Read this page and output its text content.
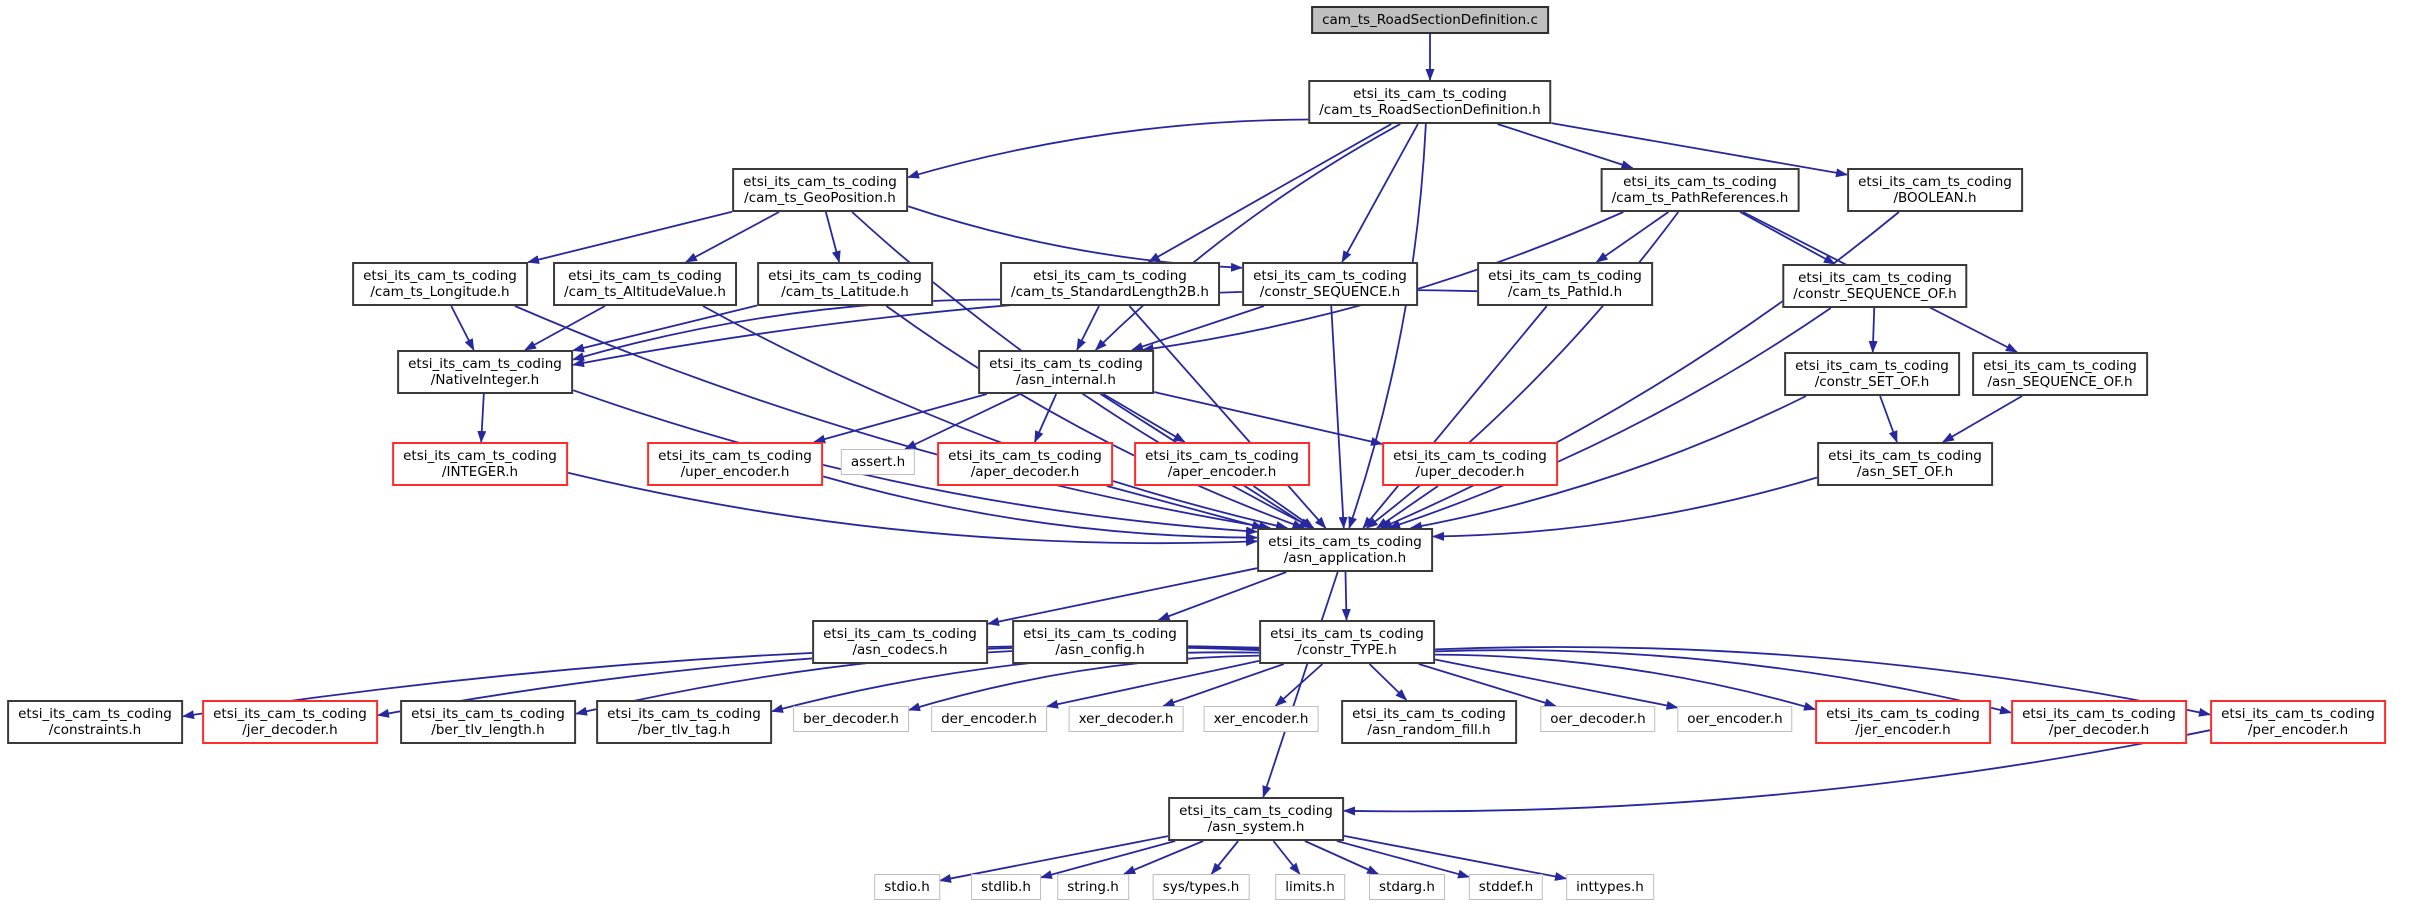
cam_ts_RoadSectionDefinition.c
etsi_its_cam_ts_coding
/cam_ts_RoadSectionDefinition.h
etsi_its_cam_ts_coding
/cam_ts_GeoPosition.h
etsi_its_cam_ts_coding
/cam_ts_PathReferences.h
etsi_its_cam_ts_coding
/BOOLEAN.h
etsi_its_cam_ts_coding
/cam_ts_Longitude.h
etsi_its_cam_ts_coding
/cam_ts_AltitudeValue.h
etsi_its_cam_ts_coding
/cam_ts_Latitude.h
etsi_its_cam_ts_coding
/cam_ts_StandardLength2B.h
etsi_its_cam_ts_coding
/constr_SEQUENCE.h
etsi_its_cam_ts_coding
/cam_ts_PathId.h
etsi_its_cam_ts_coding
/constr_SEQUENCE_OF.h
etsi_its_cam_ts_coding
/NativeInteger.h
etsi_its_cam_ts_coding
/asn_internal.h
etsi_its_cam_ts_coding
/constr_SET_OF.h
etsi_its_cam_ts_coding
/asn_SEQUENCE_OF.h
etsi_its_cam_ts_coding
/INTEGER.h
etsi_its_cam_ts_coding
/uper_encoder.h
assert.h	etsi_its_cam_ts_coding
/aper_decoder.h
etsi_its_cam_ts_coding
/aper_encoder.h
etsi_its_cam_ts_coding
/uper_decoder.h
etsi_its_cam_ts_coding
/asn_SET_OF.h
etsi_its_cam_ts_coding
/asn_application.h
etsi_its_cam_ts_coding
/asn_codecs.h
etsi_its_cam_ts_coding
/asn_config.h
etsi_its_cam_ts_coding
/constr_TYPE.h
etsi_its_cam_ts_coding
/constraints.h
etsi_its_cam_ts_coding
/jer_decoder.h
etsi_its_cam_ts_coding
/ber_tlv_length.h
etsi_its_cam_ts_coding
/ber_tlv_tag.h
ber_decoder.h	der_encoder.h	xer_decoder.h	xer_encoder.h	etsi_its_cam_ts_coding
/asn_random_fill.h
oer_decoder.h	oer_encoder.h	etsi_its_cam_ts_coding
/jer_encoder.h
etsi_its_cam_ts_coding
/per_decoder.h
etsi_its_cam_ts_coding
/per_encoder.h
etsi_its_cam_ts_coding
/asn_system.h
stdio.h	stdlib.h	string.h	sys/types.h	limits.h	stdarg.h	stddef.h	inttypes.h
